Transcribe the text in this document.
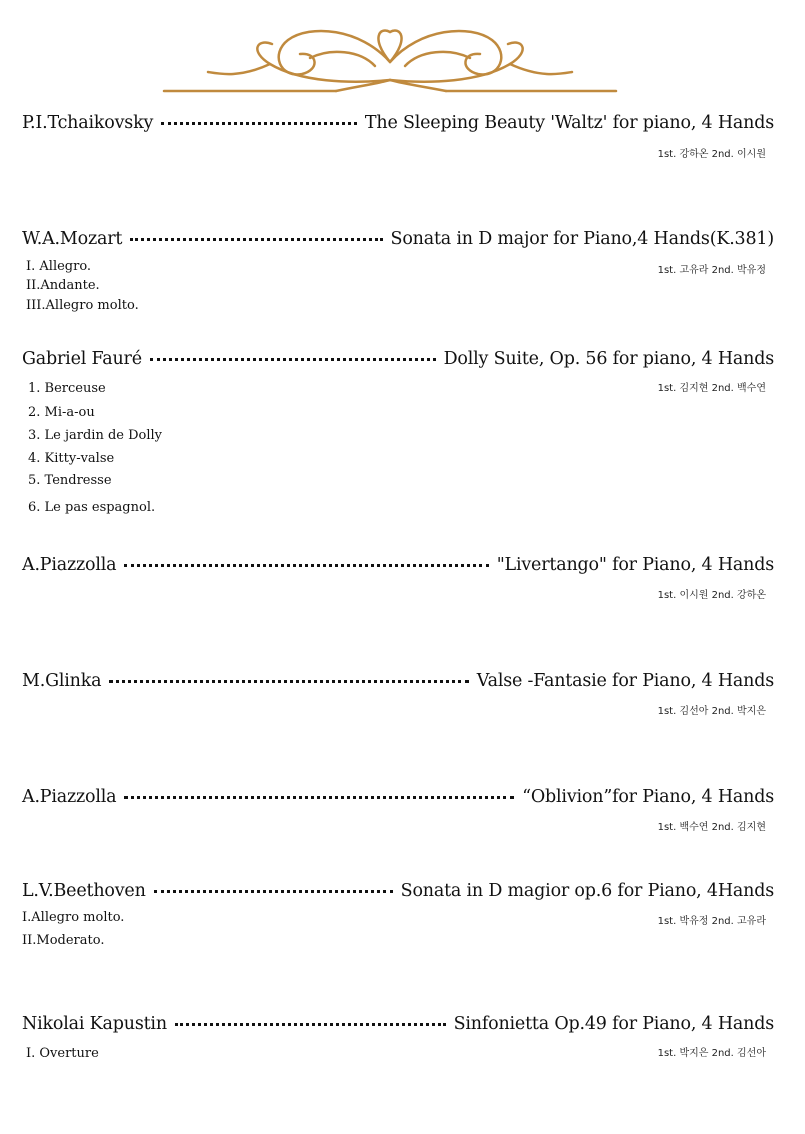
P.I.Tchaikovsky	The Sleeping Beauty 'Waltz' for piano, 4 Hands
1st. 강하온 2nd. 이시원
W.A.Mozart	Sonata in D major for Piano,4 Hands(K.381)
1st. 고유라 2nd. 박유정
I. Allegro.
II.Andante.
III.Allegro molto.
Gabriel Fauré	Dolly Suite, Op. 56 for piano, 4 Hands
1st. 김지현 2nd. 백수연
1. Berceuse
2. Mi-a-ou
3. Le jardin de Dolly
4. Kitty-valse
5. Tendresse
6. Le pas espagnol.
A.Piazzolla	"Livertango" for Piano, 4 Hands
1st. 이시원 2nd. 강하온
M.Glinka	Valse -Fantasie for Piano, 4 Hands
1st. 김선아 2nd. 박지은
A.Piazzolla	“Oblivion”for Piano, 4 Hands
1st. 백수연 2nd. 김지현
L.V.Beethoven	Sonata in D magior op.6 for Piano, 4Hands
1st. 박유정 2nd. 고유라
I.Allegro molto.
II.Moderato.
Nikolai Kapustin	Sinfonietta Op.49 for Piano, 4 Hands
1st. 박지은 2nd. 김선아
I. Overture
